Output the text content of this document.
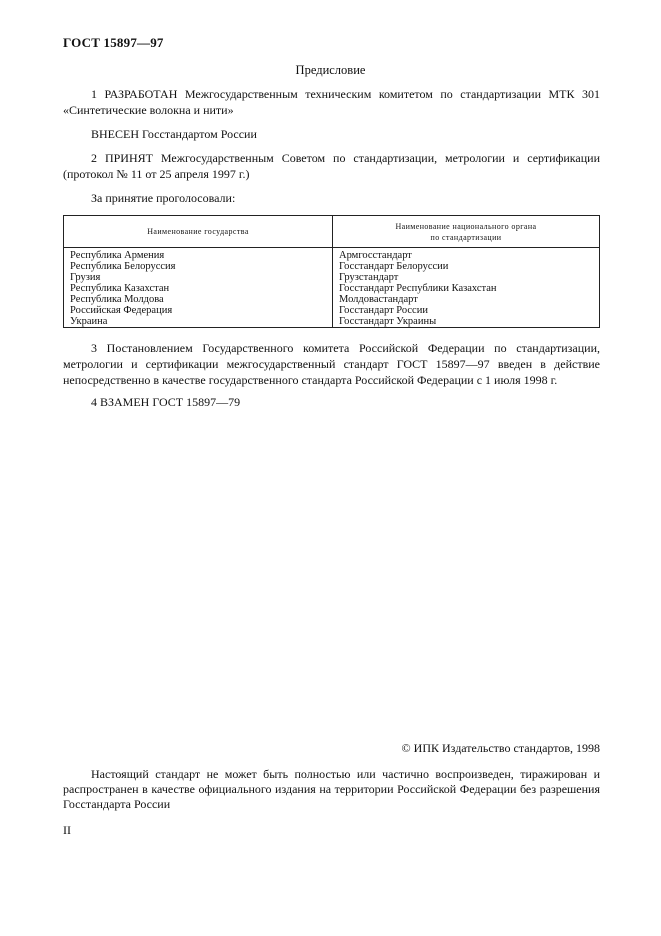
ГОСТ 15897—97
Предисловие
1 РАЗРАБОТАН Межгосударственным техническим комитетом по стандартизации МТК 301 «Синтетические волокна и нити»
ВНЕСЕН Госстандартом России
2 ПРИНЯТ Межгосударственным Советом по стандартизации, метрологии и сертификации (протокол № 11 от 25 апреля 1997 г.)
За принятие проголосовали:
Наименование государства	Наименование национального органа
по стандартизации

Республика Армения	Армгосстандарт
Республика Белоруссия	Госстандарт Белоруссии
Грузия	Грузстандарт
Республика Казахстан	Госстандарт Республики Казахстан
Республика Молдова	Молдовастандарт
Российская Федерация	Госстандарт России
Украина	Госстандарт Украины
3 Постановлением Государственного комитета Российской Федерации по стандартизации, метрологии и сертификации межгосударственный стандарт ГОСТ 15897—97 введен в действие непосредственно в качестве государственного стандарта Российской Федерации с 1 июля 1998 г.
4 ВЗАМЕН ГОСТ 15897—79
© ИПК Издательство стандартов, 1998
Настоящий стандарт не может быть полностью или частично воспроизведен, тиражирован и распространен в качестве официального издания на территории Российской Федерации без разрешения Госстандарта России
II
